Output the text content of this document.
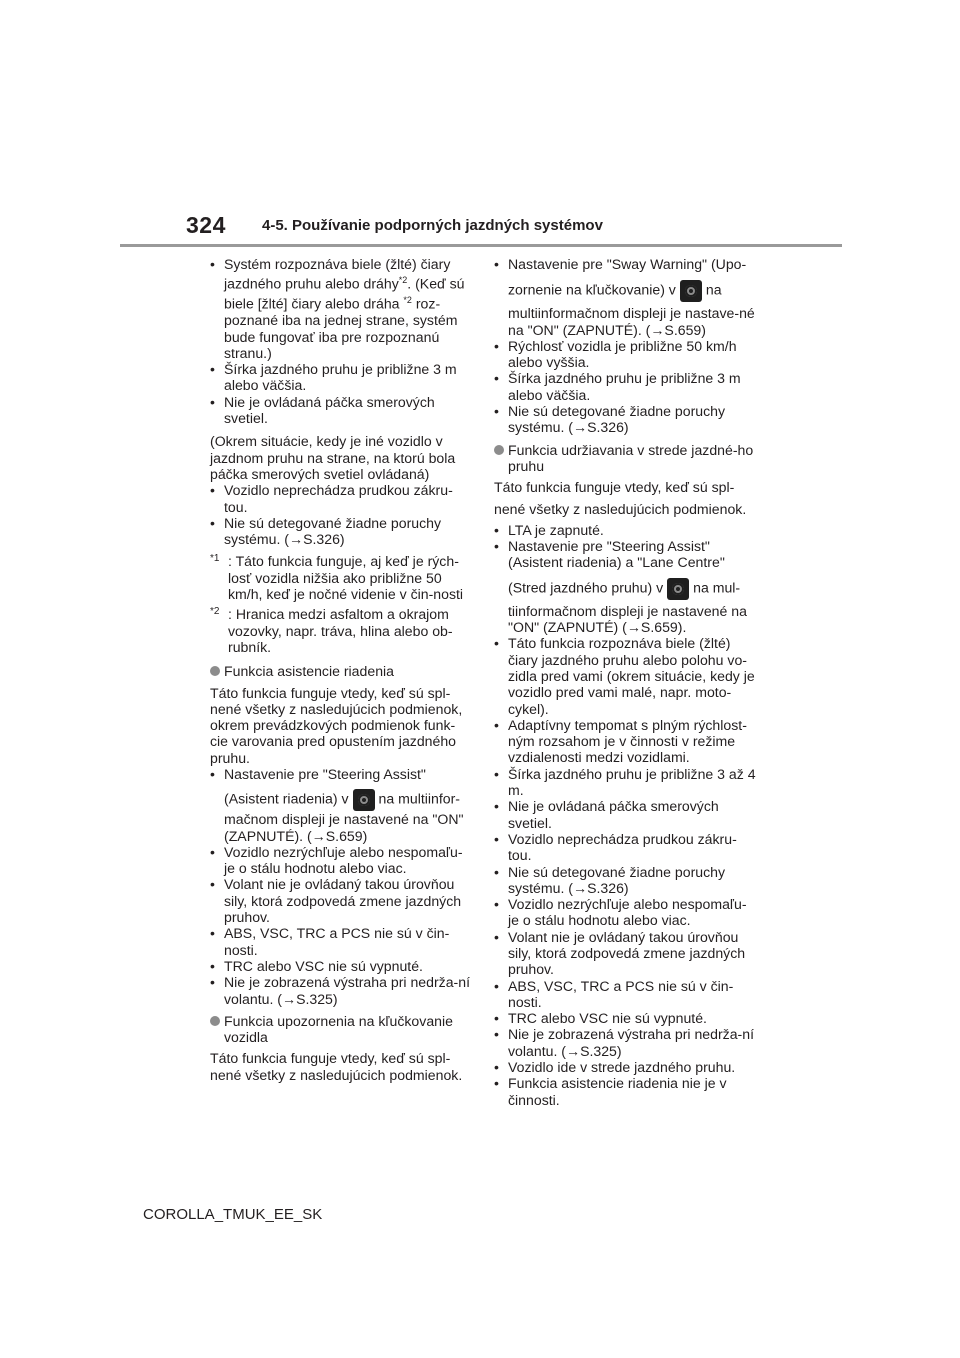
324 4-5. Používanie podporných jazdných systémov
• Systém rozpoznáva biele (žlté) čiary jazdného pruhu alebo dráhy$^{*2}$. (Keď sú biele [žlté] čiary alebo dráha $^{*2}$ roz-poznané iba na jednej strane, systém bude fungovať iba pre rozpoznanú stranu.)
• Šírka jazdného pruhu je približne 3 m alebo väčšia.
• Nie je ovládaná páčka smerových svetiel.
(Okrem situácie, kedy je iné vozidlo v jazdnom pruhu na strane, na ktorú bola páčka smerových svetiel ovládaná)
• Vozidlo neprechádza prudkou zákru-tou.
• Nie sú detegované žiadne poruchy systému. (→S.326)
*1 : Táto funkcia funguje, aj keď je rých-losť vozidla nižšia ako približne 50 km/h, keď je nočné videnie v čin-nosti
*2 : Hranica medzi asfaltom a okrajom vozovky, napr. tráva, hlina alebo ob-rubník.
Funkcia asistencie riadenia
Táto funkcia funguje vtedy, keď sú spl-nené všetky z nasledujúcich podmienok, okrem prevádzkových podmienok funk-cie varovania pred opustením jazdného pruhu.
• Nastavenie pre "Steering Assist"

(Asistent riadenia) v na multiinfor-mačnom displeji je nastavené na "ON" (ZAPNUTÉ). (→S.659)
• Vozidlo nezrýchľuje alebo nespomaľu-je o stálu hodnotu alebo viac.
• Volant nie je ovládaný takou úrovňou sily, ktorá zodpovedá zmene jazdných pruhov.
• ABS, VSC, TRC a PCS nie sú v čin-nosti.
• TRC alebo VSC nie sú vypnuté.
• Nie je zobrazená výstraha pri nedrža-ní volantu. (→S.325)
Funkcia upozornenia na kľučkovanie vozidla
Táto funkcia funguje vtedy, keď sú spl-nené všetky z nasledujúcich podmienok.
• Nastavenie pre "Sway Warning" (Upo-

zornenie na kľučkovanie) v na
multiinformačnom displeji je nastave-né na "ON" (ZAPNUTÉ). (→S.659)
• Rýchlosť vozidla je približne 50 km/h alebo vyššia.
• Šírka jazdného pruhu je približne 3 m alebo väčšia.
• Nie sú detegované žiadne poruchy systému. (→S.326)
Funkcia udržiavania v strede jazdné-ho pruhu
Táto funkcia funguje vtedy, keď sú spl-
nené všetky z nasledujúcich podmienok.
• LTA je zapnuté.
• Nastavenie pre "Steering Assist" (Asistent riadenia) a "Lane Centre"
(Stred jazdného pruhu) v na mul-
tiinformačnom displeji je nastavené na "ON" (ZAPNUTÉ) (→S.659).
• Táto funkcia rozpoznáva biele (žlté) čiary jazdného pruhu alebo polohu vo-zidla pred vami (okrem situácie, kedy je vozidlo pred vami malé, napr. moto-cykel).
• Adaptívny tempomat s plným rýchlost-ným rozsahom je v činnosti v režime vzdialenosti medzi vozidlami.
• Šírka jazdného pruhu je približne 3 až 4 m.
• Nie je ovládaná páčka smerových svetiel.
• Vozidlo neprechádza prudkou zákru-tou.
• Nie sú detegované žiadne poruchy systému. (→S.326)
• Vozidlo nezrýchľuje alebo nespomaľu-je o stálu hodnotu alebo viac.
• Volant nie je ovládaný takou úrovňou sily, ktorá zodpovedá zmene jazdných pruhov.
• ABS, VSC, TRC a PCS nie sú v čin-nosti.
• TRC alebo VSC nie sú vypnuté.
• Nie je zobrazená výstraha pri nedrža-ní volantu. (→S.325)
• Vozidlo ide v strede jazdného pruhu.
• Funkcia asistencie riadenia nie je v činnosti.
COROLLA_TMUK_EE_SK
